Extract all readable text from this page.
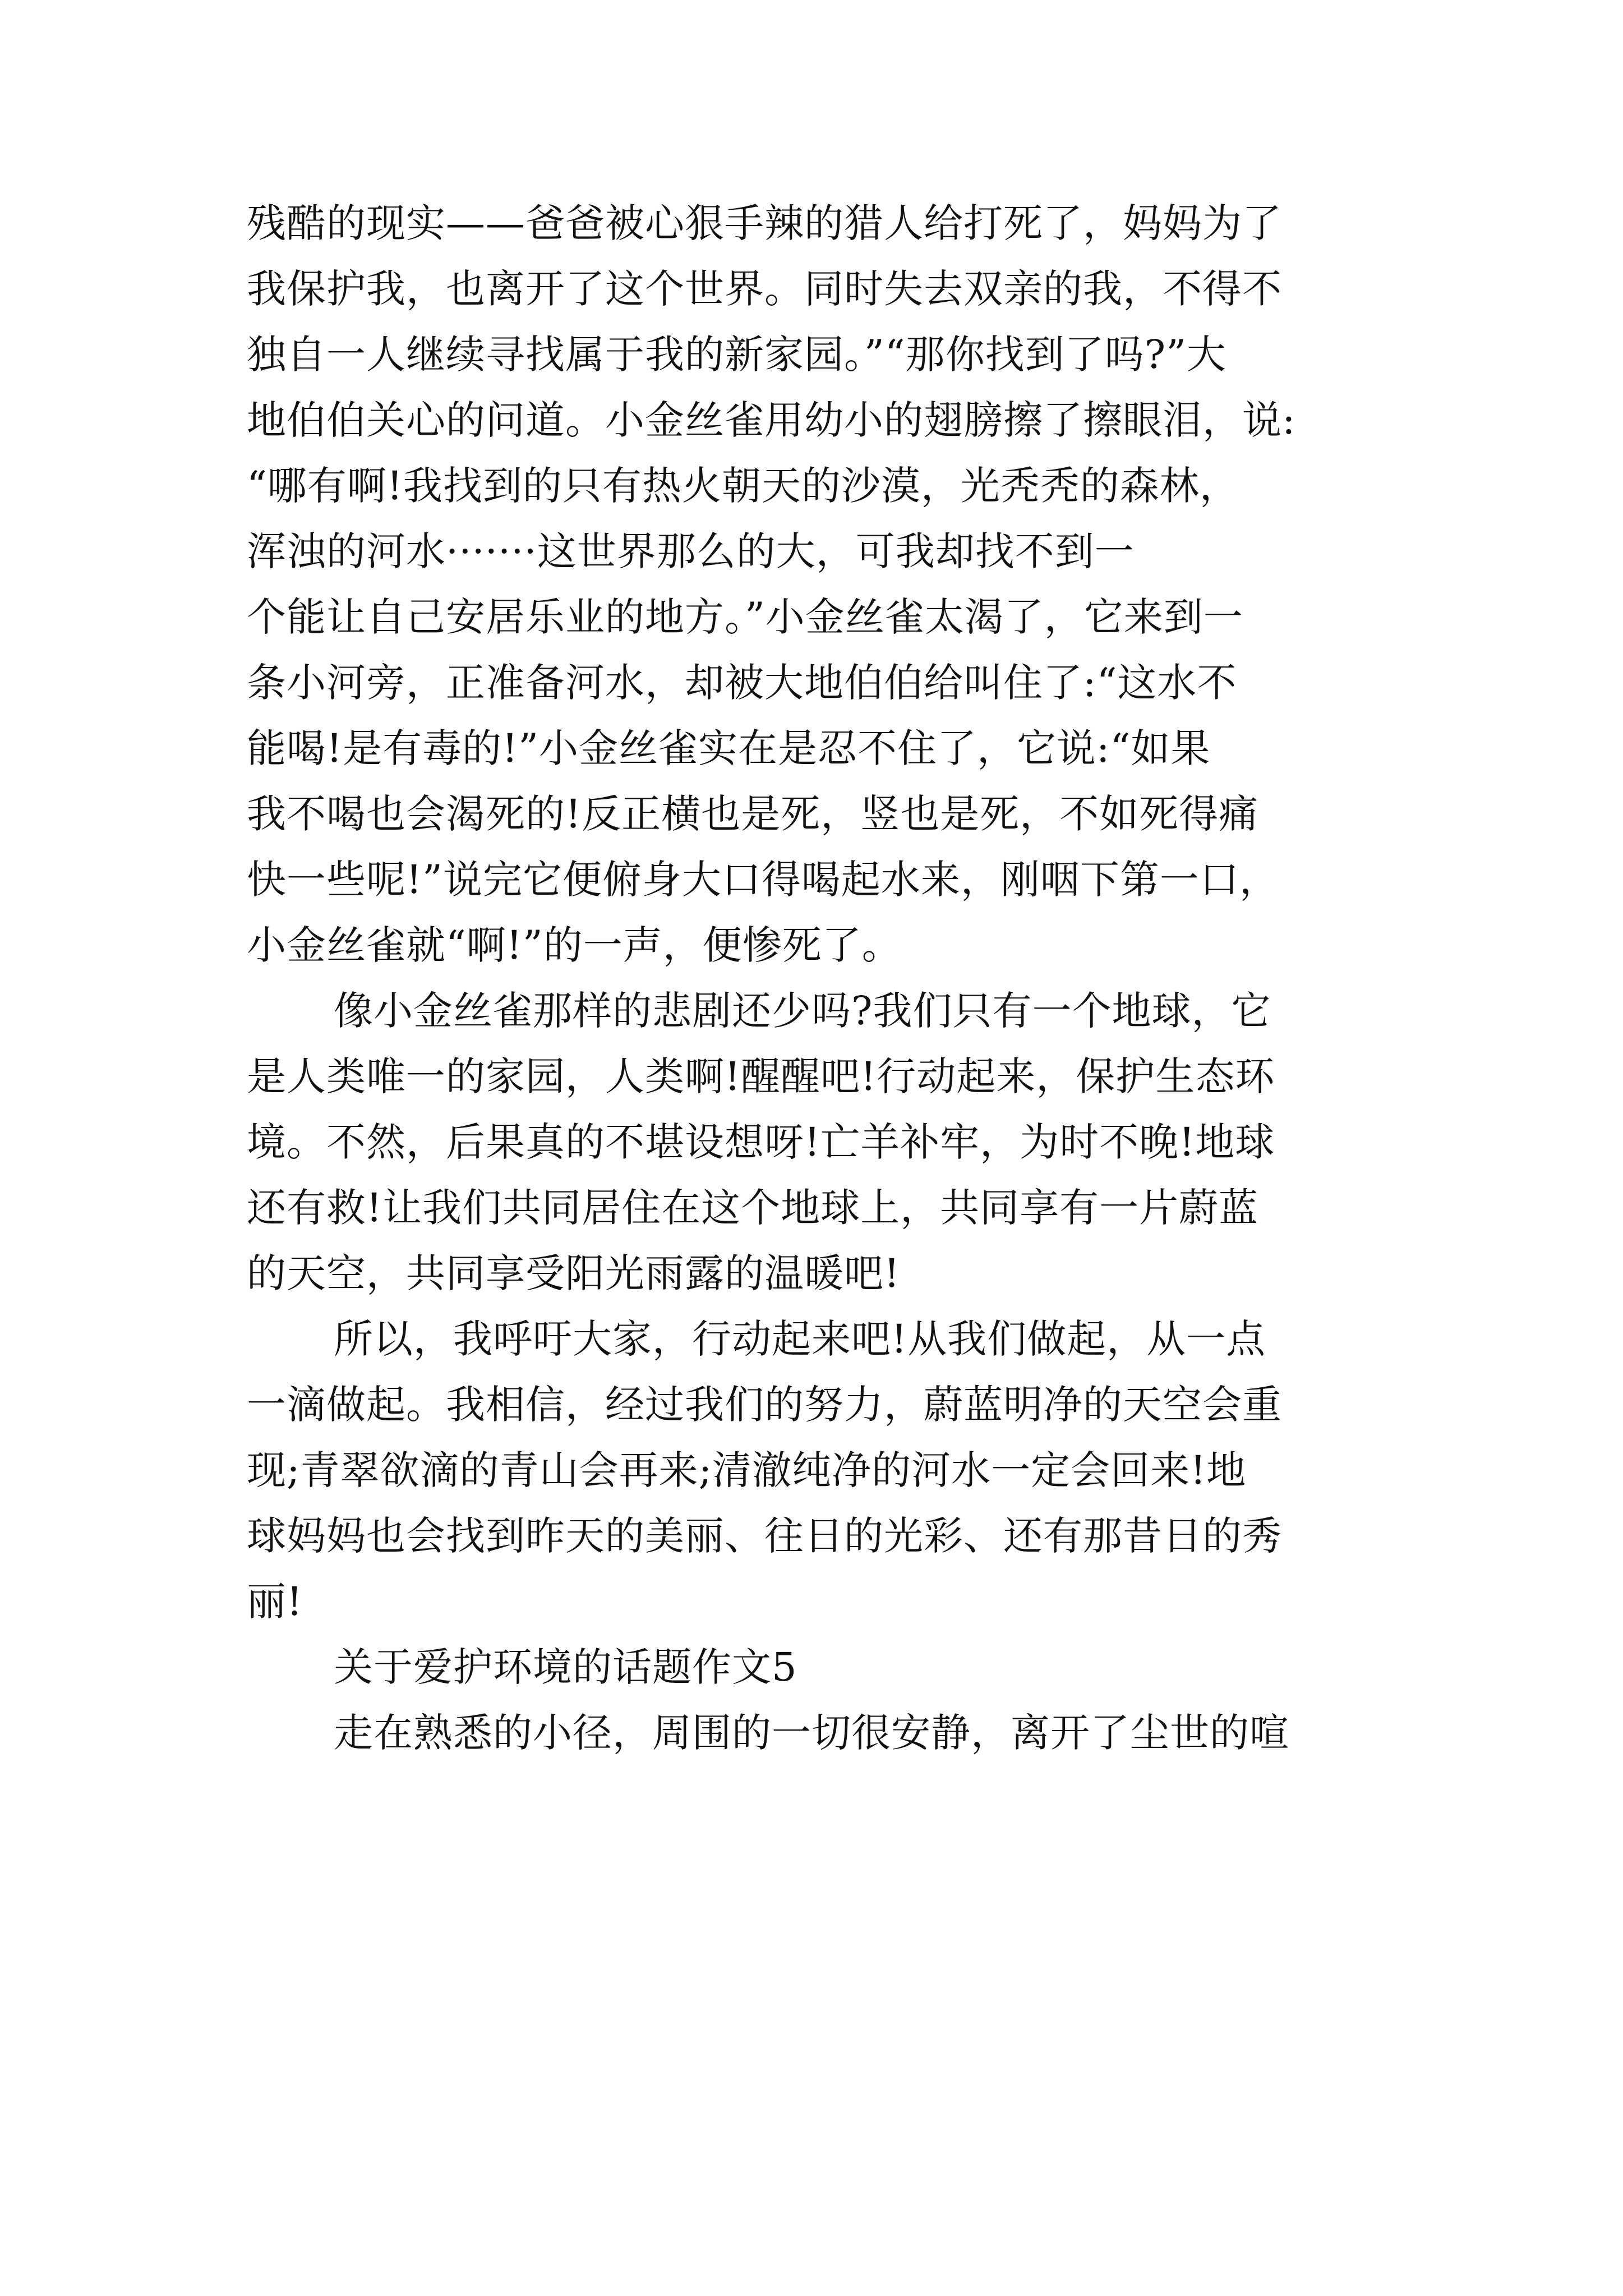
残酷的现实——爸爸被心狠手辣的猎人给打死了，妈妈为了
我保护我，也离开了这个世界。同时失去双亲的我，不得不
独自一人继续寻找属于我的新家园。”“那你找到了吗?”大
地伯伯关心的问道。小金丝雀用幼小的翅膀擦了擦眼泪，说:
“哪有啊!我找到的只有热火朝天的沙漠，光秃秃的森林，
浑浊的河水·······这世界那么的大，可我却找不到一
个能让自己安居乐业的地方。”小金丝雀太渴了，它来到一
条小河旁，正准备河水，却被大地伯伯给叫住了:“这水不
能喝!是有毒的!”小金丝雀实在是忍不住了，它说:“如果
我不喝也会渴死的!反正横也是死，竖也是死，不如死得痛
快一些呢!”说完它便俯身大口得喝起水来，刚咽下第一口，
小金丝雀就“啊!”的一声，便惨死了。
像小金丝雀那样的悲剧还少吗?我们只有一个地球，它
是人类唯一的家园，人类啊!醒醒吧!行动起来，保护生态环
境。不然，后果真的不堪设想呀!亡羊补牢，为时不晚!地球
还有救!让我们共同居住在这个地球上，共同享有一片蔚蓝
的天空，共同享受阳光雨露的温暖吧!
所以，我呼吁大家，行动起来吧!从我们做起，从一点
一滴做起。我相信，经过我们的努力，蔚蓝明净的天空会重
现;青翠欲滴的青山会再来;清澈纯净的河水一定会回来!地
球妈妈也会找到昨天的美丽、往日的光彩、还有那昔日的秀
丽!
关于爱护环境的话题作文5
走在熟悉的小径，周围的一切很安静，离开了尘世的喧
